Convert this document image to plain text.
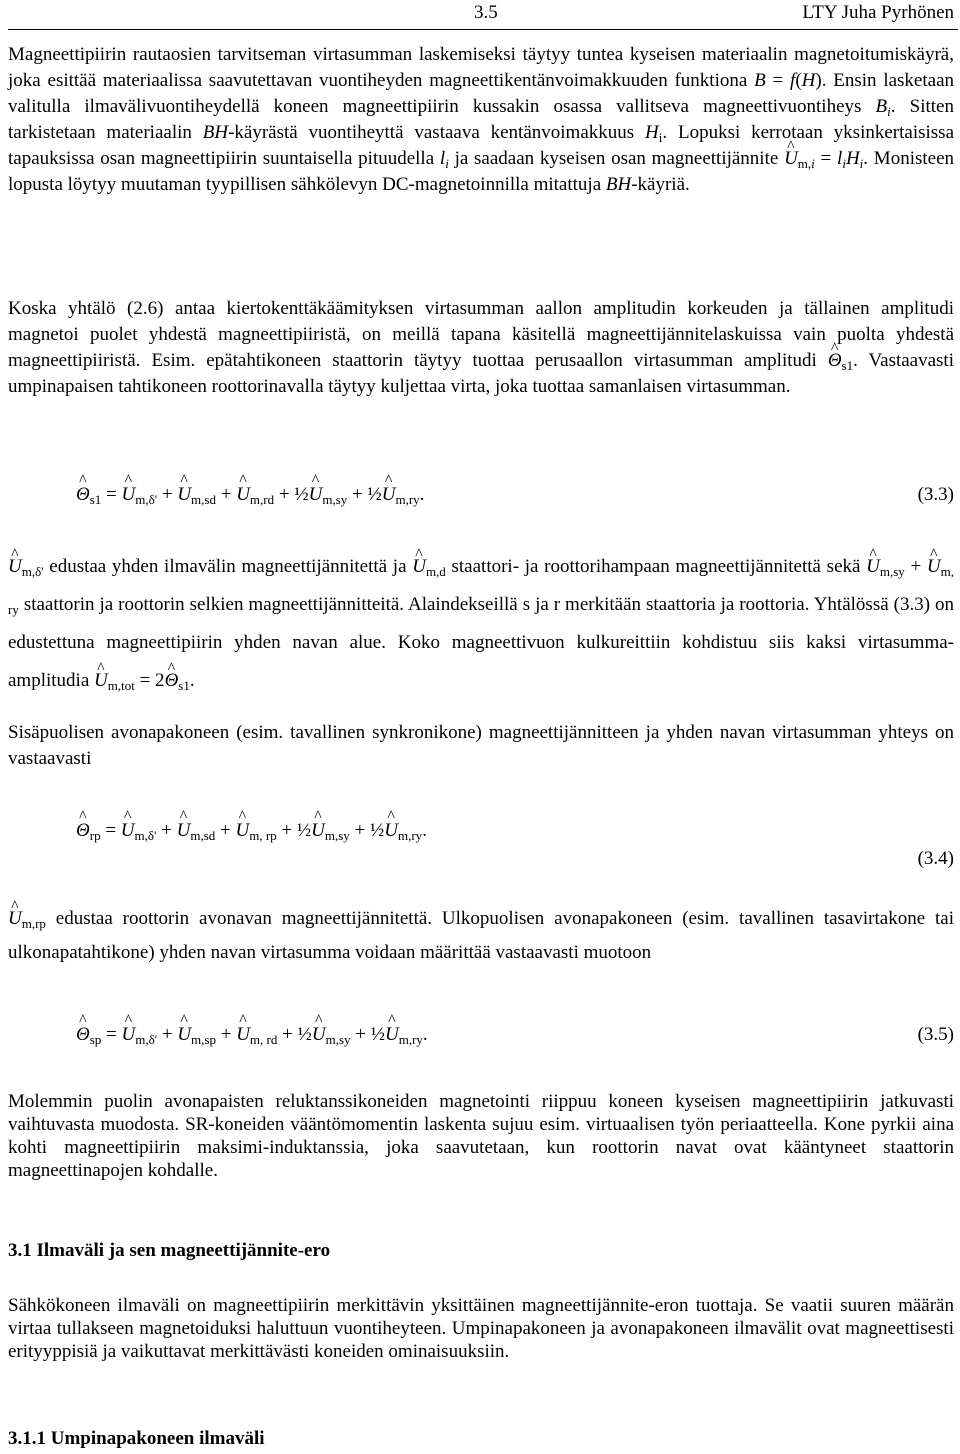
3.5	LTY Juha Pyrhönen
Magneettipiirin rautaosien tarvitseman virtasumman laskemiseksi täytyy tuntea kyseisen materiaalin magnetoitumiskäyrä, joka esittää materiaalissa saavutettavan vuontiheyden magneettikentänvoimakkuuden funktiona B = f(H). Ensin lasketaan valitulla ilmavälivuontiheydellä koneen magneettipiirin kussakin osassa vallitseva magneettivuontiheys $B_i$. Sitten tarkistetaan materiaalin BH-käyrästä vuontiheyttä vastaava kentänvoimakkuus $H_i$. Lopuksi kerrotaan yksinkertaisissa tapauksissa osan magneettipiirin suuntaisella pituudella $l_i$ ja saadaan kyseisen osan magneettijännite ^ $U_{m,i} = l_iH_i$. Monisteen lopusta löytyy muutaman tyypillisen sähkölevyn DC-magnetoinnilla mitattuja BH-käyriä.
Koska yhtälö (2.6) antaa kiertokenttäkäämityksen virtasumman aallon amplitudin korkeuden ja tällainen amplitudi magnetoi puolet yhdestä magneettipiiristä, on meillä tapana käsitellä magneettijännitelaskuissa vain puolta yhdestä magneettipiiristä. Esim. epätahtikoneen staattorin täytyy tuottaa perusaallon virtasumman amplitudi ^ $\Theta_{s1}$. Vastaavasti umpinapaisen tahtikoneen roottorinavalla täytyy kuljettaa virta, joka tuottaa samanlaisen virtasumman.
^ $\Theta_{s1}$ = ^ $U_{m,\delta'}$ + ^ $U_{m,sd}$ + ^ $U_{m,rd}$ + ½^ $U_{m,sy}$ + ½^ $U_{m,ry}$.	(3.3)
^ $U_{m,\delta'}$ edustaa yhden ilmavälin magneettijännitettä ja ^ $U_{m,d}$ staattori- ja roottorihampaan magneettijännitettä sekä ^ $U_{m,sy}$ + ^ $U_{m, ry}$ staattorin ja roottorin selkien magneettijännitteitä. Alaindekseillä s ja r merkitään staattoria ja roottoria. Yhtälössä (3.3) on edustettuna magneettipiirin yhden navan alue. Koko magneettivuon kulkureittiin kohdistuu siis kaksi virtasumma-amplitudia ^ $U_{m,tot}$ = 2^ $\Theta_{s1}$.
Sisäpuolisen avonapakoneen (esim. tavallinen synkronikone) magneettijännitteen ja yhden navan virtasumman yhteys on vastaavasti
^ $\Theta_{rp}$ = ^ $U_{m,\delta'}$ + ^ $U_{m,sd}$ + ^ $U_{m, rp}$ + ½^ $U_{m,sy}$ + ½^ $U_{m,ry}$.
(3.4)
^ $U_{m,rp}$ edustaa roottorin avonavan magneettijännitettä. Ulkopuolisen avonapakoneen (esim. tavallinen tasavirtakone tai ulkonapatahtikone) yhden navan virtasumma voidaan määrittää vastaavasti muotoon
^ $\Theta_{sp}$ = ^ $U_{m,\delta'}$ + ^ $U_{m,sp}$ + ^ $U_{m, rd}$ + ½^ $U_{m,sy}$ + ½^ $U_{m,ry}$.	(3.5)
Molemmin puolin avonapaisten reluktanssikoneiden magnetointi riippuu koneen kyseisen magneettipiirin jatkuvasti vaihtuvasta muodosta. SR-koneiden vääntömomentin laskenta sujuu esim. virtuaalisen työn periaatteella. Kone pyrkii aina kohti magneettipiirin maksimi-induktanssia, joka saavutetaan, kun roottorin navat ovat kääntyneet staattorin magneettinapojen kohdalle.
3.1 Ilmaväli ja sen magneettijännite-ero
Sähkökoneen ilmaväli on magneettipiirin merkittävin yksittäinen magneettijännite-eron tuottaja. Se vaatii suuren määrän virtaa tullakseen magnetoiduksi haluttuun vuontiheyteen. Umpinapakoneen ja avonapakoneen ilmavälit ovat magneettisesti erityyppisiä ja vaikuttavat merkittävästi koneiden ominaisuuksiin.
3.1.1 Umpinapakoneen ilmaväli
